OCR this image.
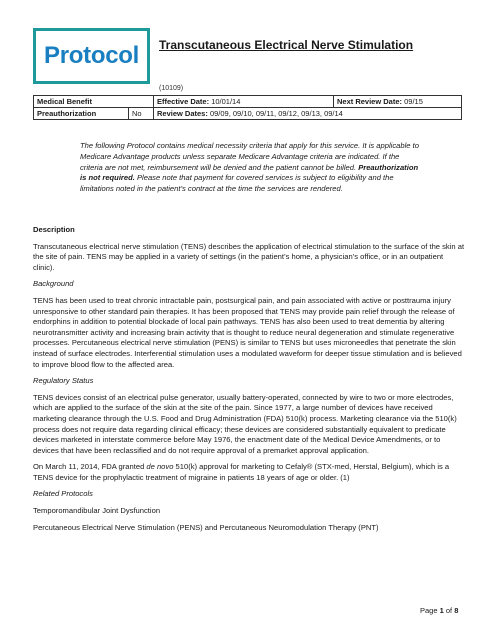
Protocol Transcutaneous Electrical Nerve Stimulation
(10109)
Medical Benefit		Effective Date: 10/01/14	Next Review Date: 09/15
Preauthorization	No	Review Dates: 09/09, 09/10, 09/11, 09/12, 09/13, 09/14	
The following Protocol contains medical necessity criteria that apply for this service. It is applicable to Medicare Advantage products unless separate Medicare Advantage criteria are indicated. If the criteria are not met, reimbursement will be denied and the patient cannot be billed. Preauthorization is not required. Please note that payment for covered services is subject to eligibility and the limitations noted in the patient’s contract at the time the services are rendered.
Description

Transcutaneous electrical nerve stimulation (TENS) describes the application of electrical stimulation to the surface of the skin at the site of pain. TENS may be applied in a variety of settings (in the patient’s home, a physician’s office, or in an outpatient clinic).

Background

TENS has been used to treat chronic intractable pain, postsurgical pain, and pain associated with active or posttrauma injury unresponsive to other standard pain therapies. It has been proposed that TENS may provide pain relief through the release of endorphins in addition to potential blockade of local pain pathways. TENS has also been used to treat dementia by altering neurotransmitter activity and increasing brain activity that is thought to reduce neural degeneration and stimulate regenerative processes. Percutaneous electrical nerve stimulation (PENS) is similar to TENS but uses microneedles that penetrate the skin instead of surface electrodes. Interferential stimulation uses a modulated waveform for deeper tissue stimulation and is believed to improve blood flow to the affected area.

Regulatory Status

TENS devices consist of an electrical pulse generator, usually battery-operated, connected by wire to two or more electrodes, which are applied to the surface of the skin at the site of the pain. Since 1977, a large number of devices have received marketing clearance through the U.S. Food and Drug Administration (FDA) 510(k) process. Marketing clearance via the 510(k) process does not require data regarding clinical efficacy; these devices are considered substantially equivalent to predicate devices marketed in interstate commerce before May 1976, the enactment date of the Medical Device Amendments, or to devices that have been reclassified and do not require approval of a premarket approval application.

On March 11, 2014, FDA granted de novo 510(k) approval for marketing to Cefaly® (STX-med, Herstal, Belgium), which is a TENS device for the prophylactic treatment of migraine in patients 18 years of age or older. (1)

Related Protocols

Temporomandibular Joint Dysfunction

Percutaneous Electrical Nerve Stimulation (PENS) and Percutaneous Neuromodulation Therapy (PNT)

Page 1 of 8
